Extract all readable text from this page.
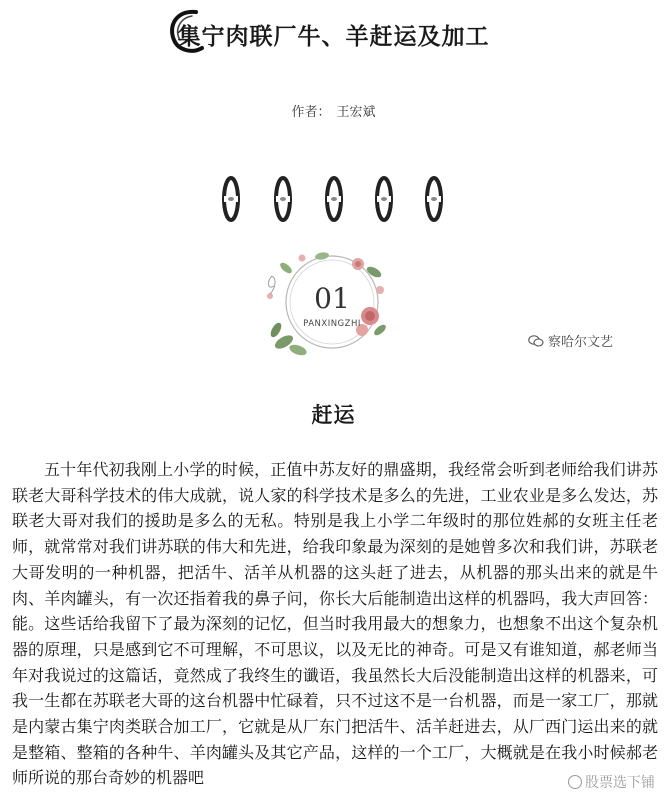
集宁肉联厂牛、羊赶运及加工
作者： 王宏斌
01
PANXINGZHI
察哈尔文艺
赶运

五十年代初我刚上小学的时候，正值中苏友好的鼎盛期，我经常会听到老师给我们讲苏联老大哥科学技术的伟大成就，说人家的科学技术是多么的先进，工业农业是多么发达，苏联老大哥对我们的援助是多么的无私。特别是我上小学二年级时的那位姓郝的女班主任老师，就常常对我们讲苏联的伟大和先进，给我印象最为深刻的是她曾多次和我们讲，苏联老大哥发明的一种机器，把活牛、活羊从机器的这头赶了进去，从机器的那头出来的就是牛肉、羊肉罐头，有一次还指着我的鼻子问，你长大后能制造出这样的机器吗，我大声回答：能。这些话给我留下了最为深刻的记忆，但当时我用最大的想象力，也想象不出这个复杂机器的原理，只是感到它不可理解，不可思议，以及无比的神奇。可是又有谁知道，郝老师当年对我说过的这篇话，竟然成了我终生的谶语，我虽然长大后没能制造出这样的机器来，可我一生都在苏联老大哥的这台机器中忙碌着，只不过这不是一台机器，而是一家工厂，那就是内蒙古集宁肉类联合加工厂，它就是从厂东门把活牛、活羊赶进去，从厂西门运出来的就是整箱、整箱的各种牛、羊肉罐头及其它产品，这样的一个工厂，大概就是在我小时候郝老师所说的那台奇妙的机器吧	股票选下铺
